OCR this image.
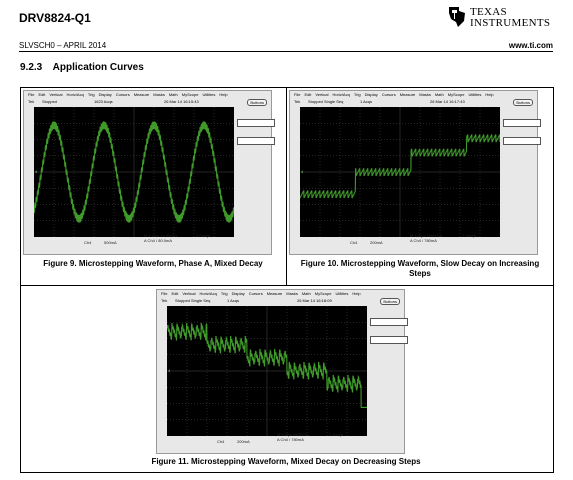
DRV8824-Q1	TEXAS
INSTRUMENTS
SLVSCH0 – APRIL 2014	www.ti.com
9.2.3 Application Curves
File Edit Vertical Horiz/Acq Trig Display Cursors Measure Masks Math MyScope Utilities Help
Tek Stopped	1623 Acqs	26 Mar 14 16:15:43	Buttons
4
Ch4	500mA
M 4.0ms 12.5MS/s	2.0ns/pt
A Ch4 / 80.0mA
File Edit Vertical Horiz/Acq Trig Display Cursors Measure Masks Math MyScope Utilities Help
Tek Stopped Single Seq	1 Acqs	26 Mar 14 16:17:43	Buttons
4
Ch4	200mA
M 100µs 500MS/s	2.0ns/pt
A Ch4 / 780mA
File Edit Vertical Horiz/Acq Trig Display Cursors Measure Masks Math MyScope Utilities Help
Tek Stopped Single Seq	1 Acqs	26 Mar 14 16:18:09	Buttons
4
Ch4	200mA
M 100µs 500MS/s	2.0ns/pt
A Ch4 / 780mA
Figure 9. Microstepping Waveform, Phase A, Mixed Decay	Figure 10. Microstepping Waveform, Slow Decay on Increasing Steps
Figure 11. Microstepping Waveform, Mixed Decay on Decreasing Steps
